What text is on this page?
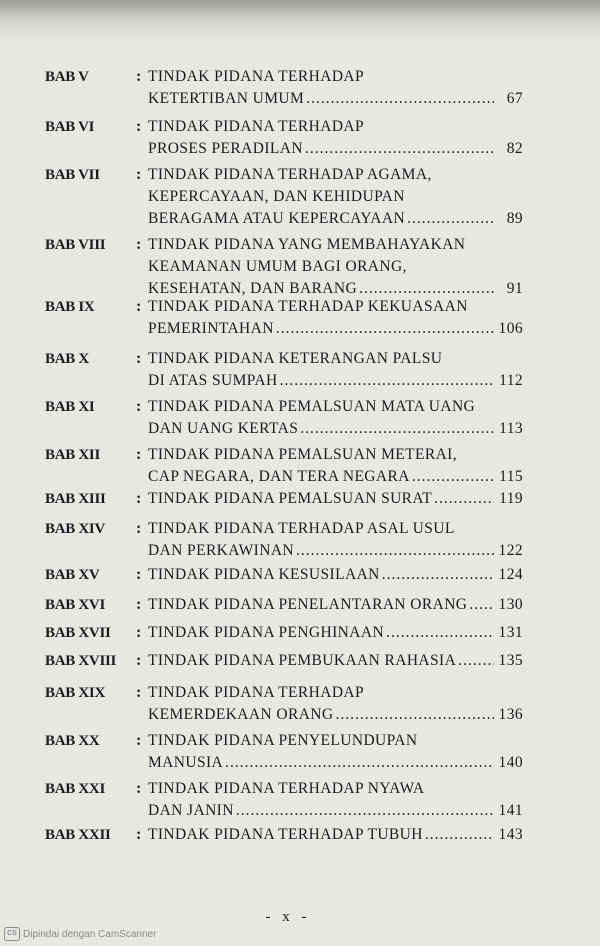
BAB V	: TINDAK PIDANA TERHADAP
KETERTIBAN UMUM .....	67
BAB VI	: TINDAK PIDANA TERHADAP
PROSES PERADILAN .....	82
BAB VII : TINDAK PIDANA TERHADAP AGAMA,
KEPERCAYAAN, DAN KEHIDUPAN
BERAGAMA ATAU KEPERCAYAAN .....	89
BAB VIII : TINDAK PIDANA YANG MEMBAHAYAKAN
KEAMANAN UMUM BAGI ORANG,
KESEHATAN, DAN BARANG .....	91
BAB IX	: TINDAK PIDANA TERHADAP KEKUASAAN
PEMERINTAHAN .....	106
BAB X	: TINDAK PIDANA KETERANGAN PALSU
DI ATAS SUMPAH .....	112
BAB XI	: TINDAK PIDANA PEMALSUAN MATA UANG
DAN UANG KERTAS .....	113
BAB XII : TINDAK PIDANA PEMALSUAN METERAI,
CAP NEGARA, DAN TERA NEGARA .....	115
BAB XIII : TINDAK PIDANA PEMALSUAN SURAT .....	119
BAB XIV : TINDAK PIDANA TERHADAP ASAL USUL
DAN PERKAWINAN .....	122
BAB XV : TINDAK PIDANA KESUSILAAN .....	124
BAB XVI : TINDAK PIDANA PENELANTARAN ORANG ..... 130
BAB XVII : TINDAK PIDANA PENGHINAAN .....	131
BAB XVIII : TINDAK PIDANA PEMBUKAAN RAHASIA .....	135
BAB XIX : TINDAK PIDANA TERHADAP
KEMERDEKAAN ORANG .....	136
BAB XX : TINDAK PIDANA PENYELUNDUPAN
MANUSIA .....	140
BAB XXI : TINDAK PIDANA TERHADAP NYAWA
DAN JANIN .....	141
BAB XXII : TINDAK PIDANA TERHADAP TUBUH .....	143
- x -
CS Dipindai dengan CamScanner
